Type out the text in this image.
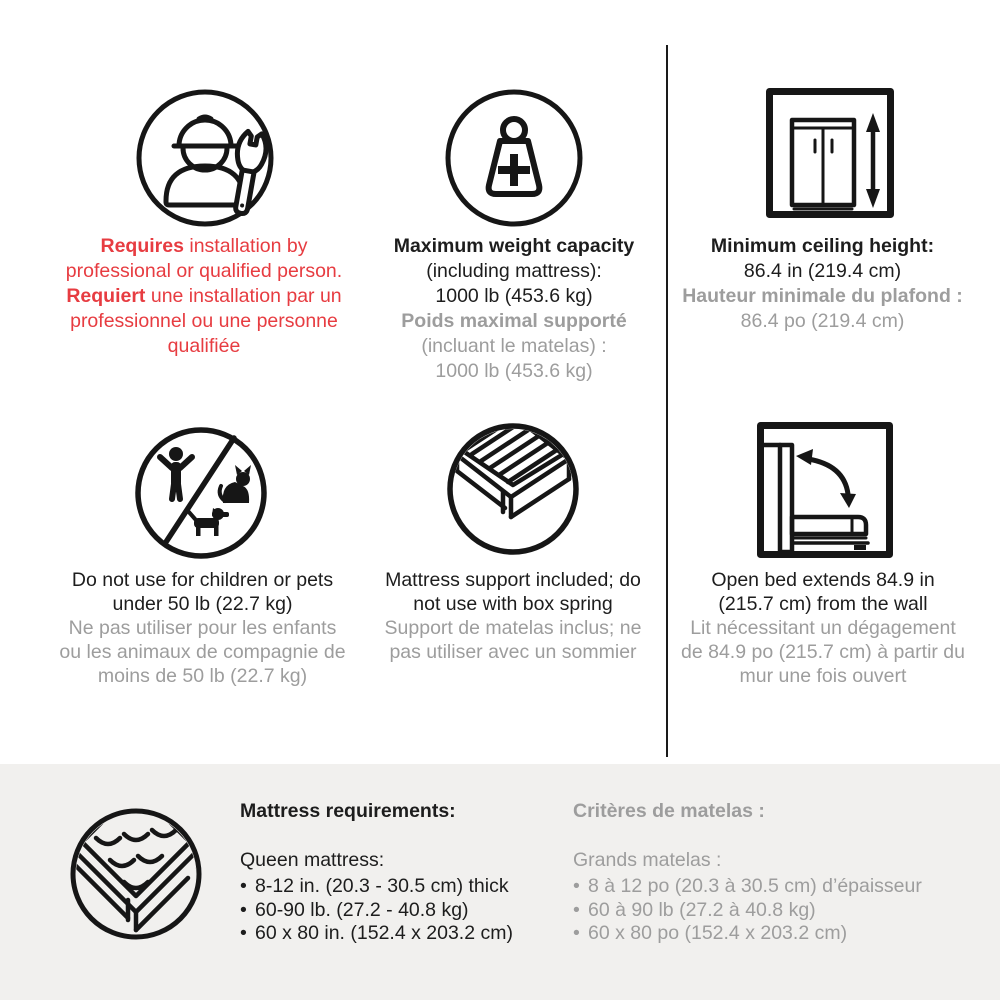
Requires installation by
professional or qualified person.
Requiert une installation par un
professionnel ou une personne
qualifiée
Maximum weight capacity
(including mattress):
1000 lb (453.6 kg)
Poids maximal supporté
(incluant le matelas) :
1000 lb (453.6 kg)
Minimum ceiling height:
86.4 in (219.4 cm)
Hauteur minimale du plafond :
86.4 po (219.4 cm)
Do not use for children or pets
under 50 lb (22.7 kg)
Ne pas utiliser pour les enfants
ou les animaux de compagnie de
moins de 50 lb (22.7 kg)
Mattress support included; do
not use with box spring
Support de matelas inclus; ne
pas utiliser avec un sommier
Open bed extends 84.9 in
(215.7 cm) from the wall
Lit nécessitant un dégagement
de 84.9 po (215.7 cm) à partir du
mur une fois ouvert
Mattress requirements:
Queen mattress:
• 8-12 in. (20.3 - 30.5 cm) thick
• 60-90 lb. (27.2 - 40.8 kg)
• 60 x 80 in. (152.4 x 203.2 cm)
Critères de matelas :
Grands matelas :
• 8 à 12 po (20.3 à 30.5 cm) d’épaisseur
• 60 à 90 lb (27.2 à 40.8 kg)
• 60 x 80 po (152.4 x 203.2 cm)
